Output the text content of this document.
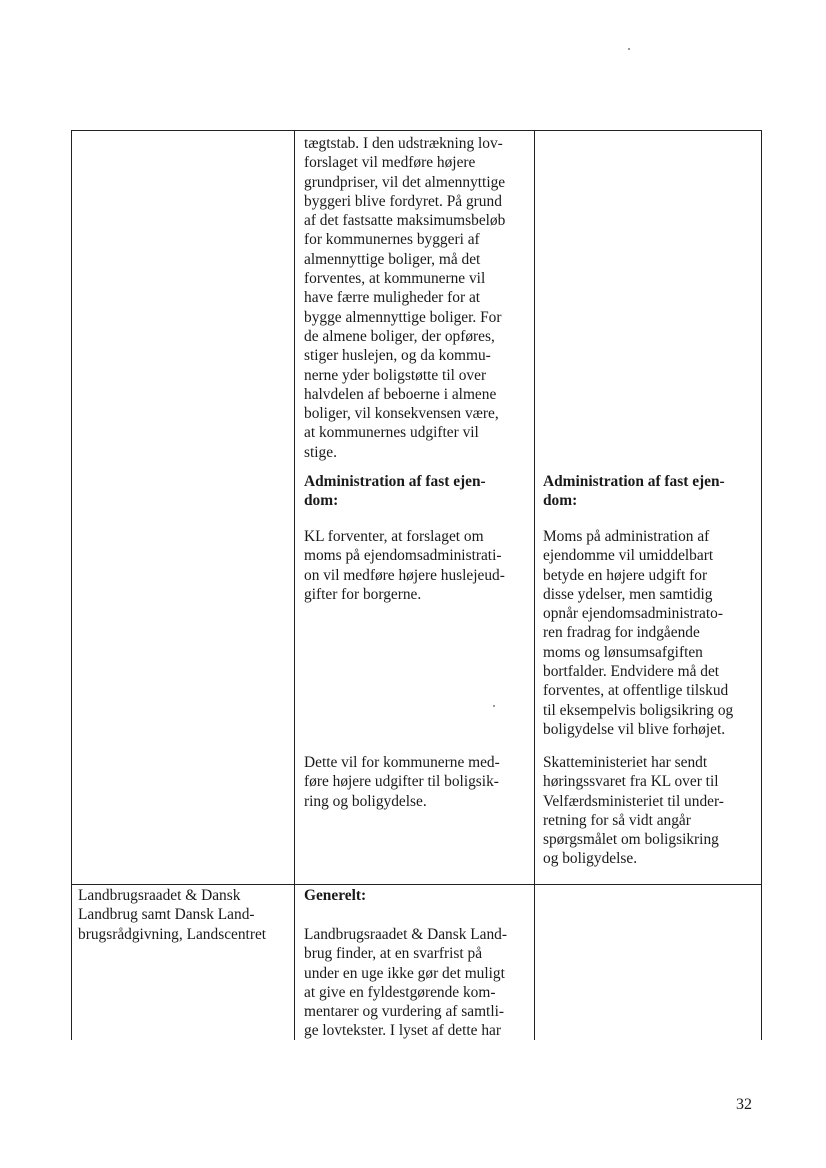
tægtstab. I den udstrækning lov-
forslaget vil medføre højere
grundpriser, vil det almennyttige
byggeri blive fordyret. På grund
af det fastsatte maksimumsbeløb
for kommunernes byggeri af
almennyttige boliger, må det
forventes, at kommunerne vil
have færre muligheder for at
bygge almennyttige boliger. For
de almene boliger, der opføres,
stiger huslejen, og da kommu-
nerne yder boligstøtte til over
halvdelen af beboerne i almene
boliger, vil konsekvensen være,
at kommunernes udgifter vil
stige.

Administration af fast ejen-
dom:

KL forventer, at forslaget om
moms på ejendomsadministrati-
on vil medføre højere huslejeud-
gifter for borgerne.

Dette vil for kommunerne med-
føre højere udgifter til boligsik-
ring og boligydelse.

Administration af fast ejen-
dom:

Moms på administration af
ejendomme vil umiddelbart
betyde en højere udgift for
disse ydelser, men samtidig
opnår ejendomsadministrato-
ren fradrag for indgående
moms og lønsumsafgiften
bortfalder. Endvidere må det
forventes, at offentlige tilskud
til eksempelvis boligsikring og
boligydelse vil blive forhøjet.

Skatteministeriet har sendt
høringssvaret fra KL over til
Velfærdsministeriet til under-
retning for så vidt angår
spørgsmålet om boligsikring
og boligydelse.

Landbrugsraadet & Dansk
Landbrug samt Dansk Land-
brugsrådgivning, Landscentret

Generelt:

Landbrugsraadet & Dansk Land-
brug finder, at en svarfrist på
under en uge ikke gør det muligt
at give en fyldestgørende kom-
mentarer og vurdering af samtli-
ge lovtekster. I lyset af dette har

32
